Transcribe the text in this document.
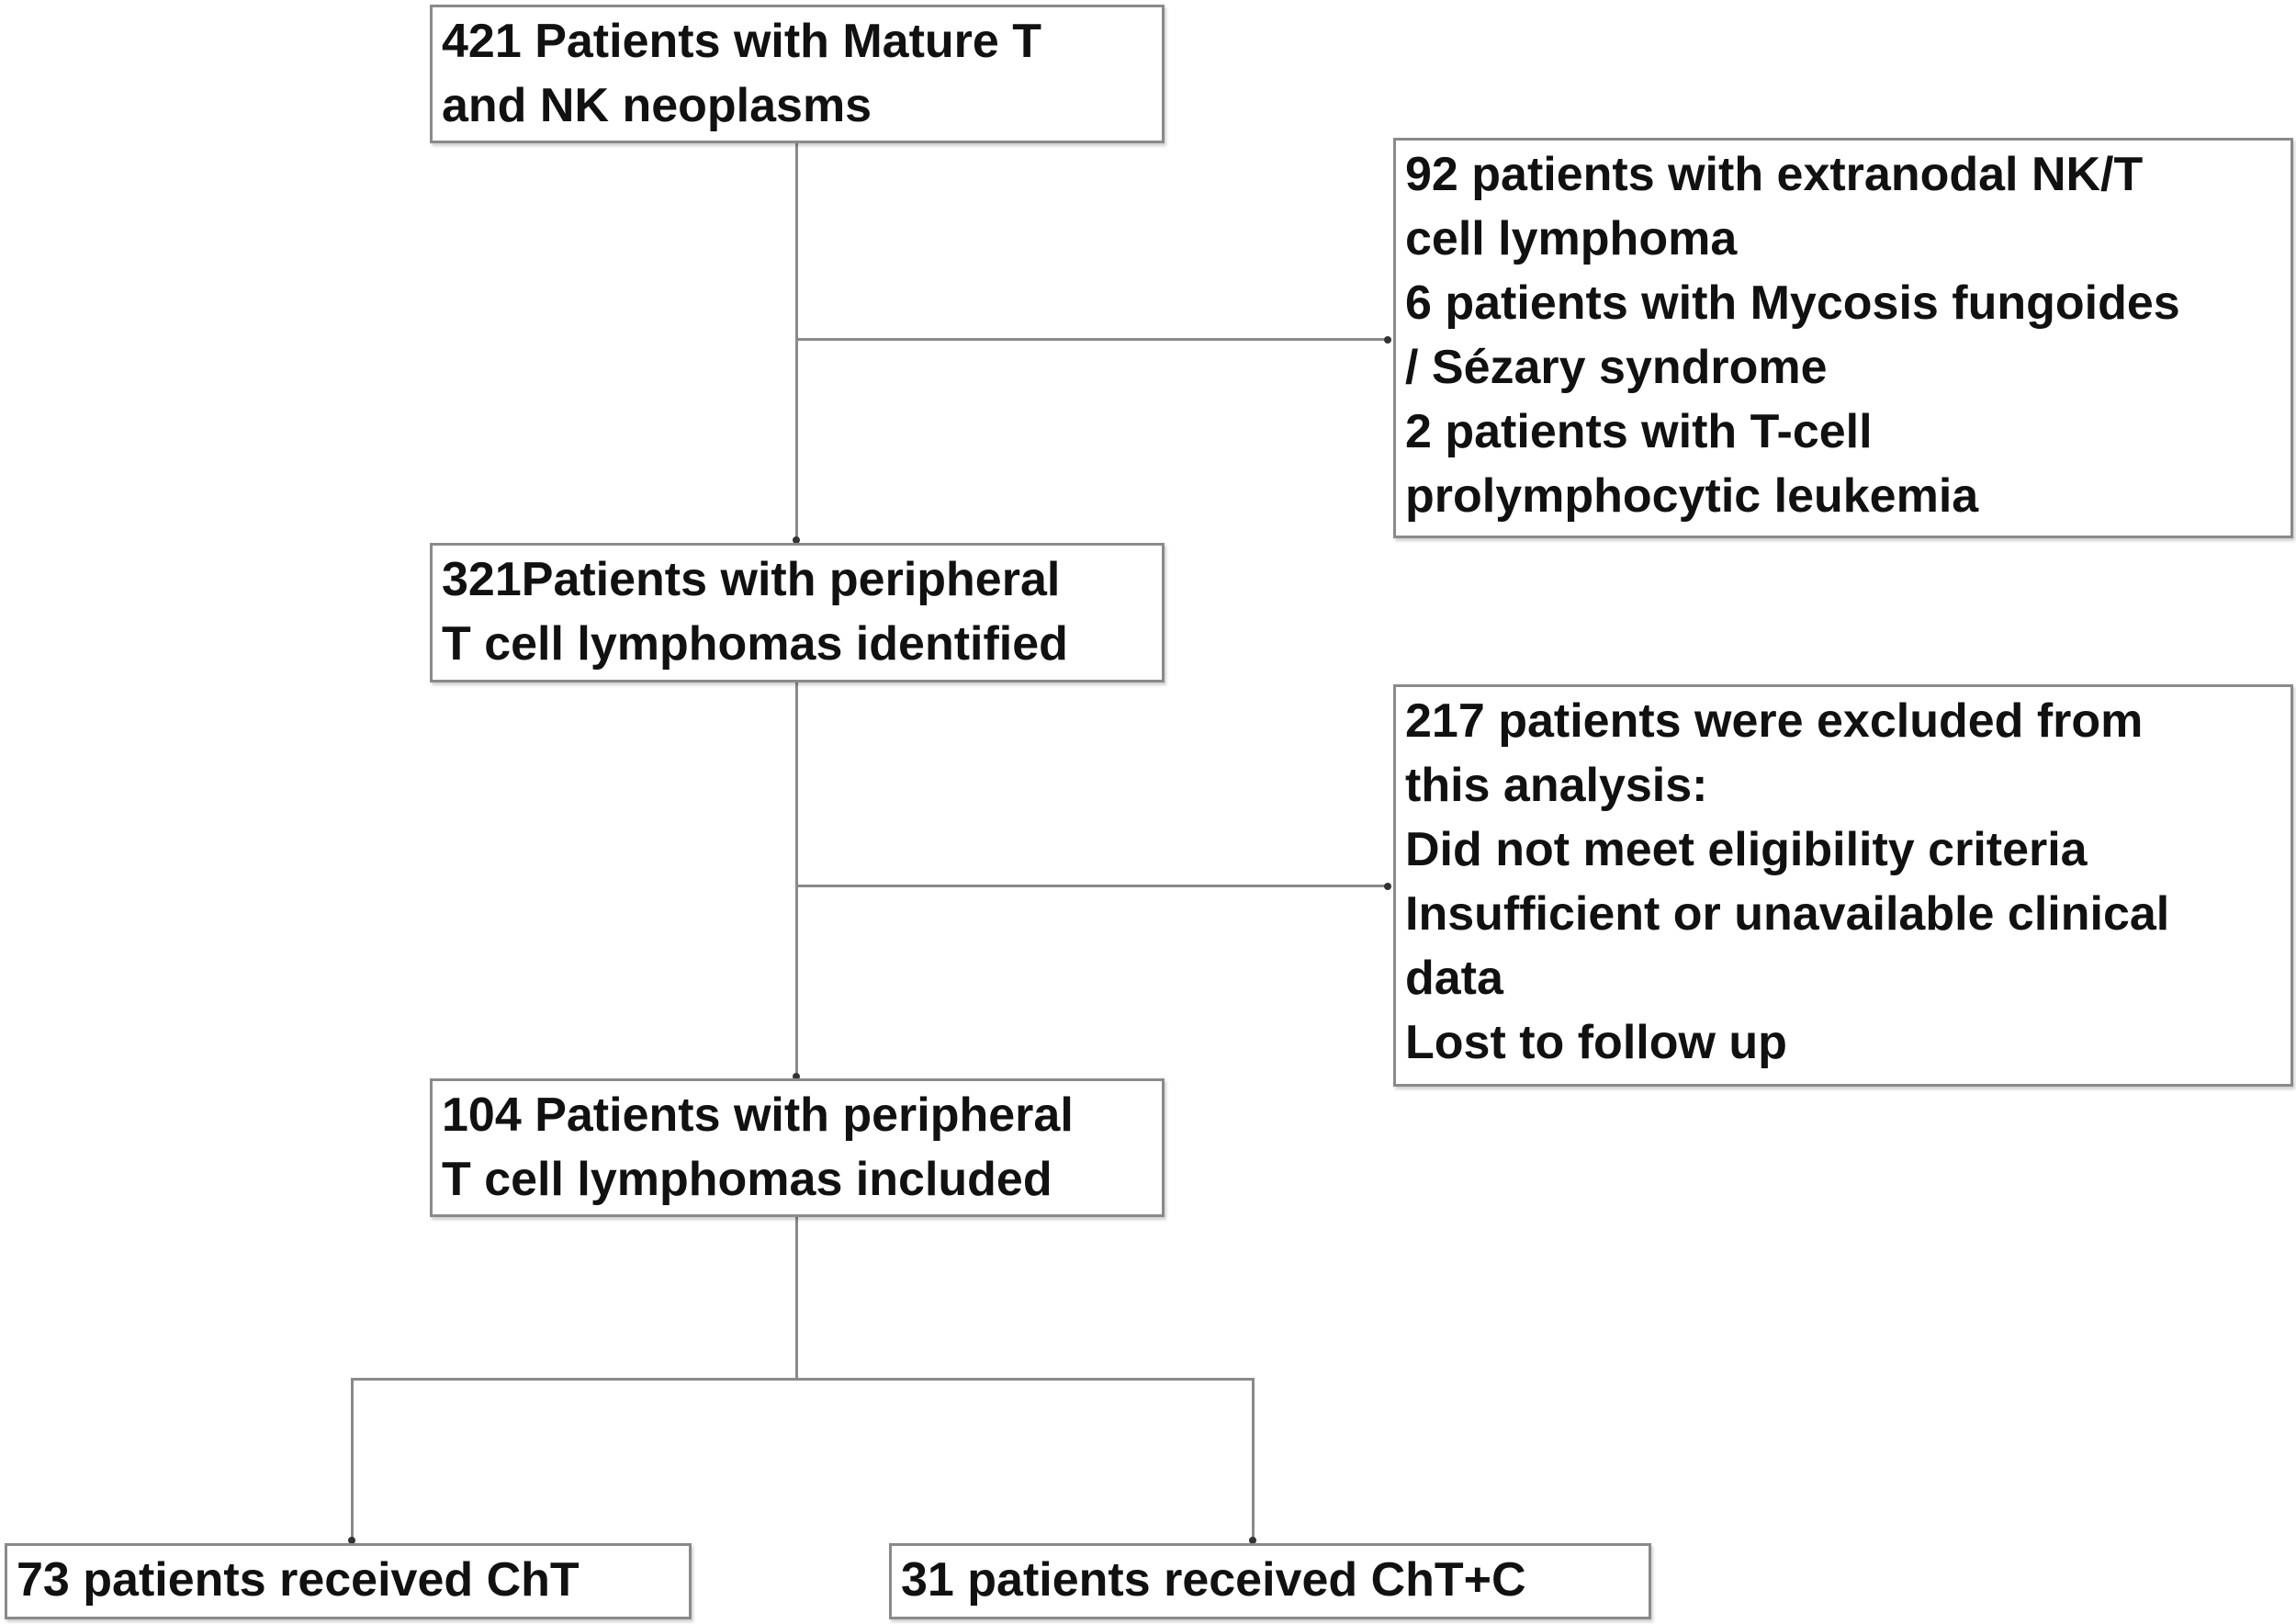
421 Patients with Mature T
and NK neoplasms
92 patients with extranodal NK/T
cell lymphoma
6 patients with Mycosis fungoides
/ Sézary syndrome
2 patients with T-cell
prolymphocytic leukemia
321Patients with peripheral
T cell lymphomas identified
217 patients were excluded from
this analysis:
Did not meet eligibility criteria
Insufficient or unavailable clinical
data
Lost to follow up
104 Patients with peripheral
T cell lymphomas included
73 patients received ChT	31 patients received ChT+C
